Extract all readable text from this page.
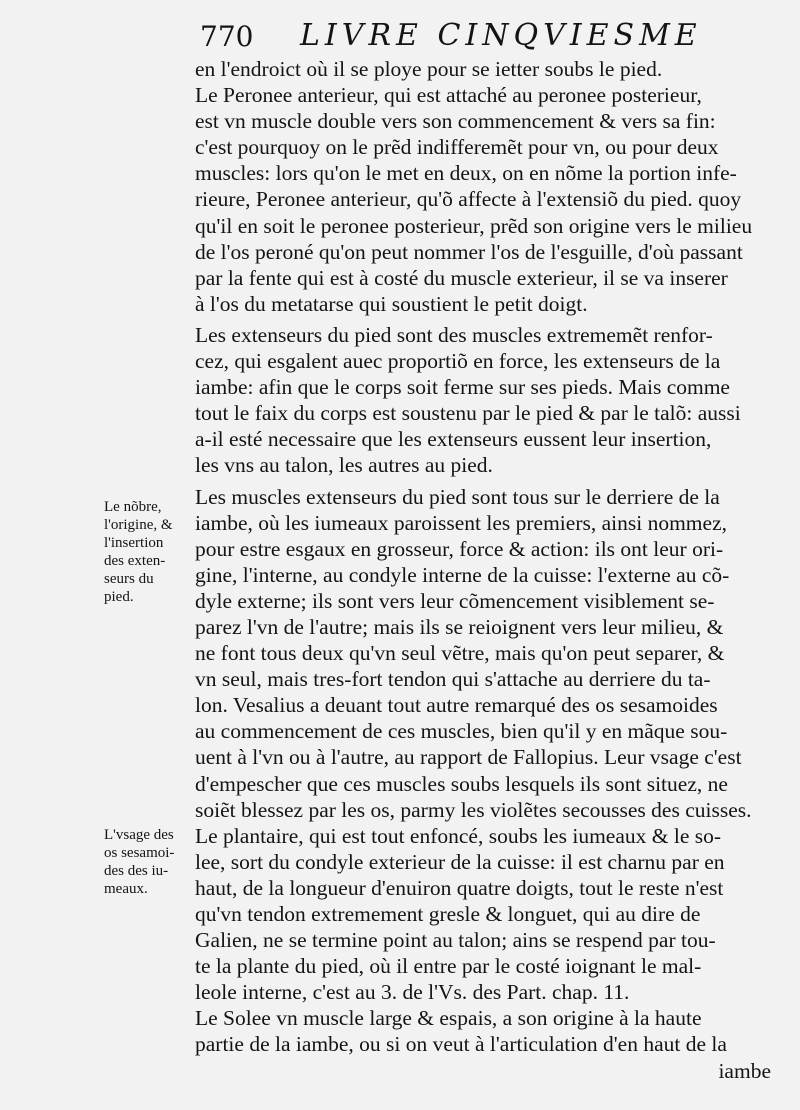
770 LIVRE CINQVIESME
en l'endroict où il se ploye pour se ietter soubs le pied.
Le Peronee anterieur, qui est attaché au peronee posterieur,
est vn muscle double vers son commencement & vers sa fin:
c'est pourquoy on le prẽd indifferemẽt pour vn, ou pour deux
muscles: lors qu'on le met en deux, on en nõme la portion infe-
rieure, Peronee anterieur, qu'õ affecte à l'extensiõ du pied. quoy
qu'il en soit le peronee posterieur, prẽd son origine vers le milieu
de l'os peroné qu'on peut nommer l'os de l'esguille, d'où passant
par la fente qui est à costé du muscle exterieur, il se va inserer
à l'os du metatarse qui soustient le petit doigt.
Les extenseurs du pied sont des muscles extrememẽt renfor-
cez, qui esgalent auec proportiõ en force, les extenseurs de la
iambe: afin que le corps soit ferme sur ses pieds. Mais comme
tout le faix du corps est soustenu par le pied & par le talõ: aussi
a-il esté necessaire que les extenseurs eussent leur insertion,
les vns au talon, les autres au pied.
Les muscles extenseurs du pied sont tous sur le derriere de la
iambe, où les iumeaux paroissent les premiers, ainsi nommez,
pour estre esgaux en grosseur, force & action: ils ont leur ori-
gine, l'interne, au condyle interne de la cuisse: l'externe au cõ-
dyle externe; ils sont vers leur cõmencement visiblement se-
parez l'vn de l'autre; mais ils se reioignent vers leur milieu, &
ne font tous deux qu'vn seul vẽtre, mais qu'on peut separer, &
vn seul, mais tres-fort tendon qui s'attache au derriere du ta-
lon. Vesalius a deuant tout autre remarqué des os sesamoides
au commencement de ces muscles, bien qu'il y en mãque sou-
uent à l'vn ou à l'autre, au rapport de Fallopius. Leur vsage c'est
d'empescher que ces muscles soubs lesquels ils sont situez, ne
soiẽt blessez par les os, parmy les violẽtes secousses des cuisses.
Le plantaire, qui est tout enfoncé, soubs les iumeaux & le so-
lee, sort du condyle exterieur de la cuisse: il est charnu par en
haut, de la longueur d'enuiron quatre doigts, tout le reste n'est
qu'vn tendon extremement gresle & longuet, qui au dire de
Galien, ne se termine point au talon; ains se respend par tou-
te la plante du pied, où il entre par le costé ioignant le mal-
leole interne, c'est au 3. de l'Vs. des Part. chap. 11.
Le Solee vn muscle large & espais, a son origine à la haute
partie de la iambe, ou si on veut à l'articulation d'en haut de la
iambe
Le nõbre,
l'origine, &
l'insertion
des exten-
seurs du
pied.
L'vsage des
os sesamoi-
des des iu-
meaux.
